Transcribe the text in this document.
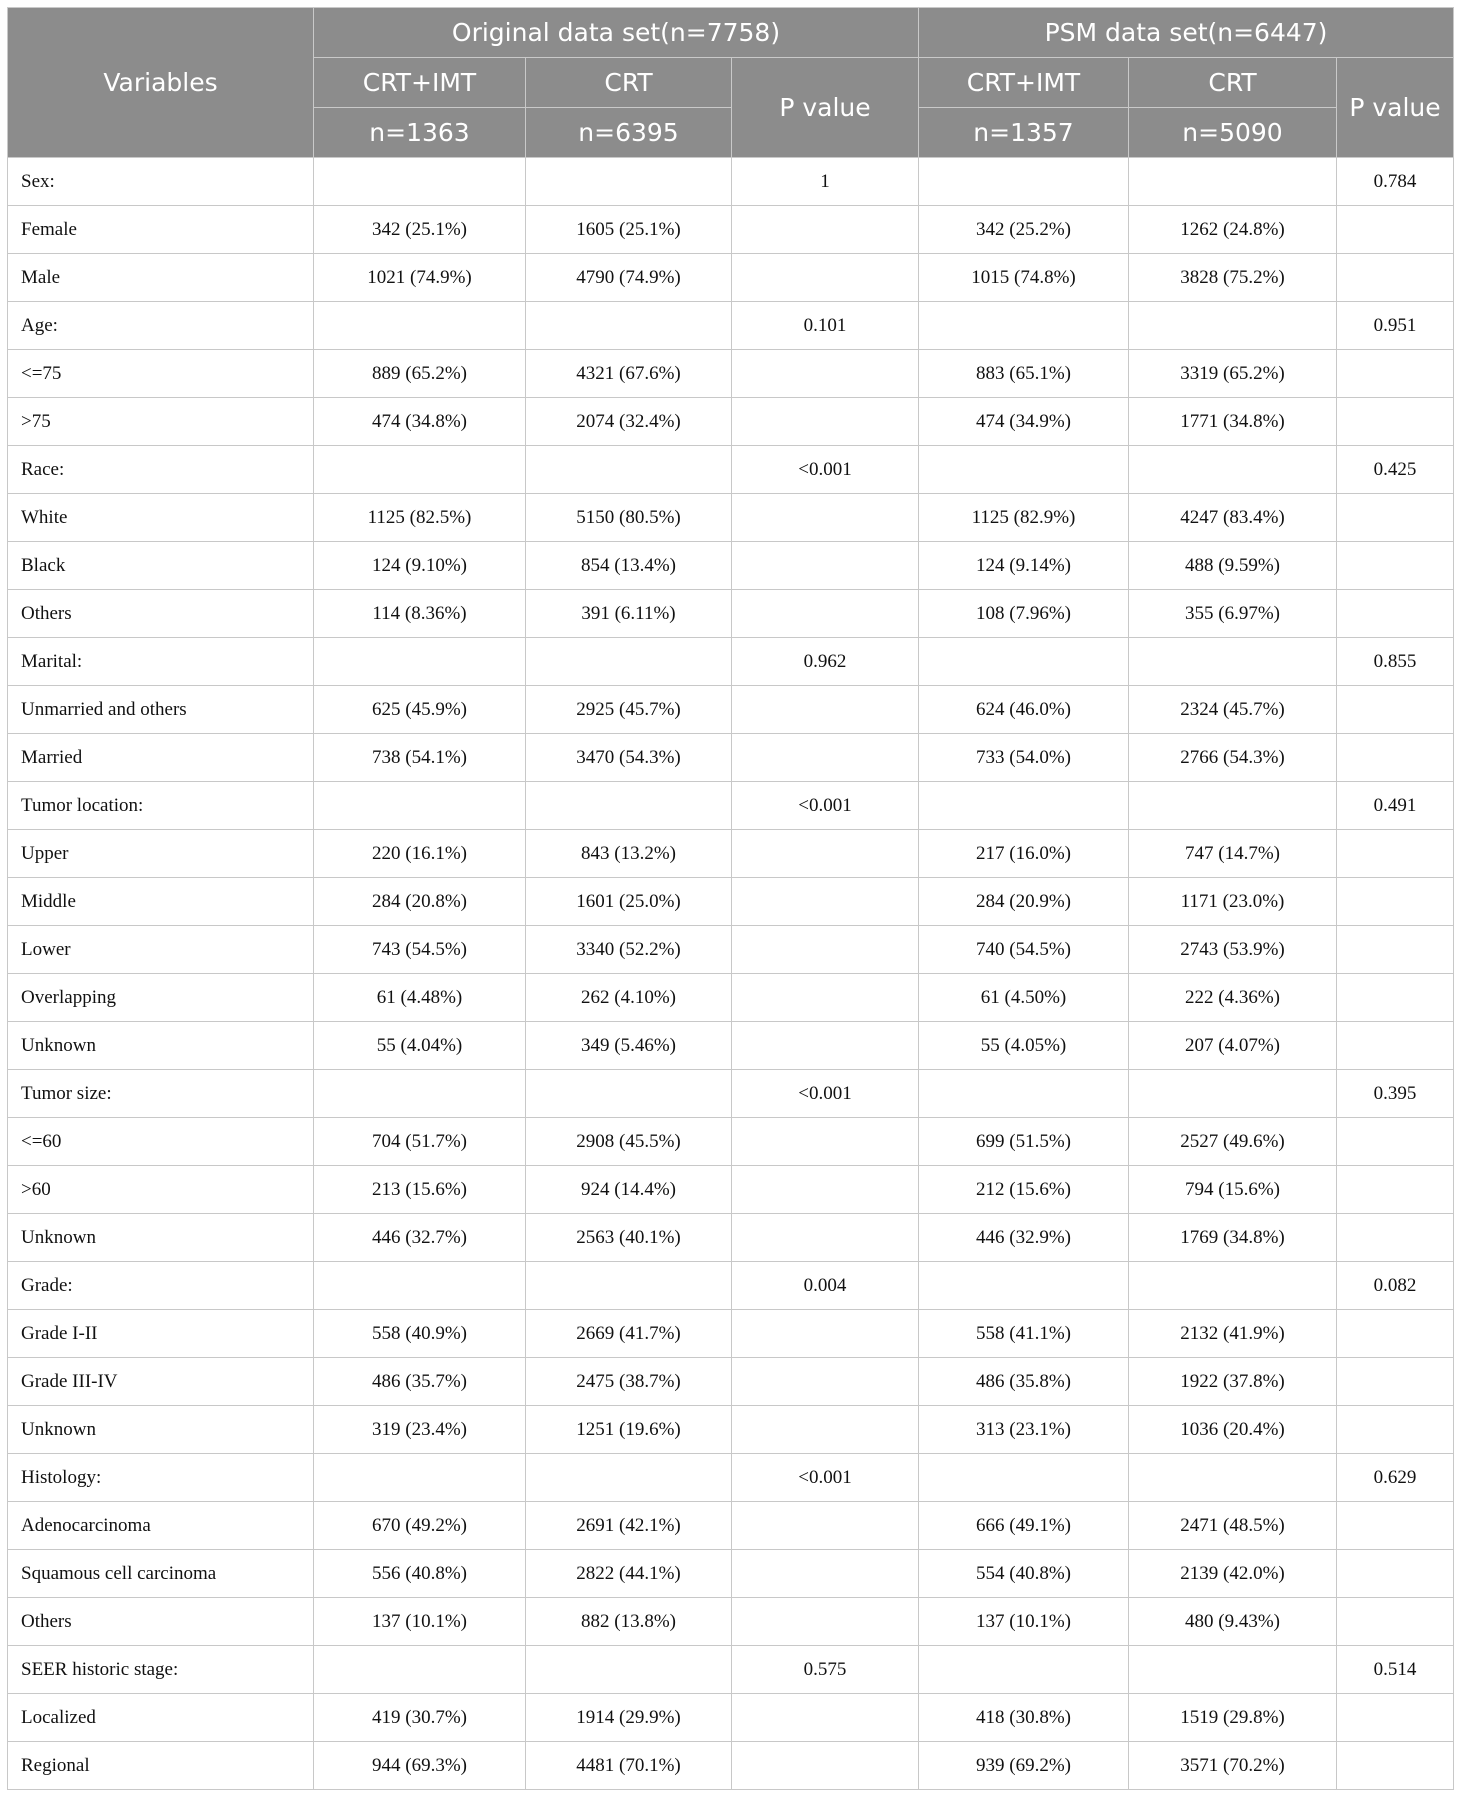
Variables	Original data set(n=7758)			PSM data set(n=6447)		
	CRT+IMT	CRT	P value	CRT+IMT	CRT	P value
	n=1363	n=6395		n=1357	n=5090	
Sex:			1			0.784
Female	342 (25.1%)	1605 (25.1%)		342 (25.2%)	1262 (24.8%)	
Male	1021 (74.9%)	4790 (74.9%)		1015 (74.8%)	3828 (75.2%)	
Age:			0.101			0.951
<=75	889 (65.2%)	4321 (67.6%)		883 (65.1%)	3319 (65.2%)	
>75	474 (34.8%)	2074 (32.4%)		474 (34.9%)	1771 (34.8%)	
Race:			<0.001			0.425
White	1125 (82.5%)	5150 (80.5%)		1125 (82.9%)	4247 (83.4%)	
Black	124 (9.10%)	854 (13.4%)		124 (9.14%)	488 (9.59%)	
Others	114 (8.36%)	391 (6.11%)		108 (7.96%)	355 (6.97%)	
Marital:			0.962			0.855
Unmarried and others	625 (45.9%)	2925 (45.7%)		624 (46.0%)	2324 (45.7%)	
Married	738 (54.1%)	3470 (54.3%)		733 (54.0%)	2766 (54.3%)	
Tumor location:			<0.001			0.491
Upper	220 (16.1%)	843 (13.2%)		217 (16.0%)	747 (14.7%)	
Middle	284 (20.8%)	1601 (25.0%)		284 (20.9%)	1171 (23.0%)	
Lower	743 (54.5%)	3340 (52.2%)		740 (54.5%)	2743 (53.9%)	
Overlapping	61 (4.48%)	262 (4.10%)		61 (4.50%)	222 (4.36%)	
Unknown	55 (4.04%)	349 (5.46%)		55 (4.05%)	207 (4.07%)	
Tumor size:			<0.001			0.395
<=60	704 (51.7%)	2908 (45.5%)		699 (51.5%)	2527 (49.6%)	
>60	213 (15.6%)	924 (14.4%)		212 (15.6%)	794 (15.6%)	
Unknown	446 (32.7%)	2563 (40.1%)		446 (32.9%)	1769 (34.8%)	
Grade:			0.004			0.082
Grade I-II	558 (40.9%)	2669 (41.7%)		558 (41.1%)	2132 (41.9%)	
Grade III-IV	486 (35.7%)	2475 (38.7%)		486 (35.8%)	1922 (37.8%)	
Unknown	319 (23.4%)	1251 (19.6%)		313 (23.1%)	1036 (20.4%)	
Histology:			<0.001			0.629
Adenocarcinoma	670 (49.2%)	2691 (42.1%)		666 (49.1%)	2471 (48.5%)	
Squamous cell carcinoma	556 (40.8%)	2822 (44.1%)		554 (40.8%)	2139 (42.0%)	
Others	137 (10.1%)	882 (13.8%)		137 (10.1%)	480 (9.43%)	
SEER historic stage:			0.575			0.514
Localized	419 (30.7%)	1914 (29.9%)		418 (30.8%)	1519 (29.8%)	
Regional	944 (69.3%)	4481 (70.1%)		939 (69.2%)	3571 (70.2%)	
